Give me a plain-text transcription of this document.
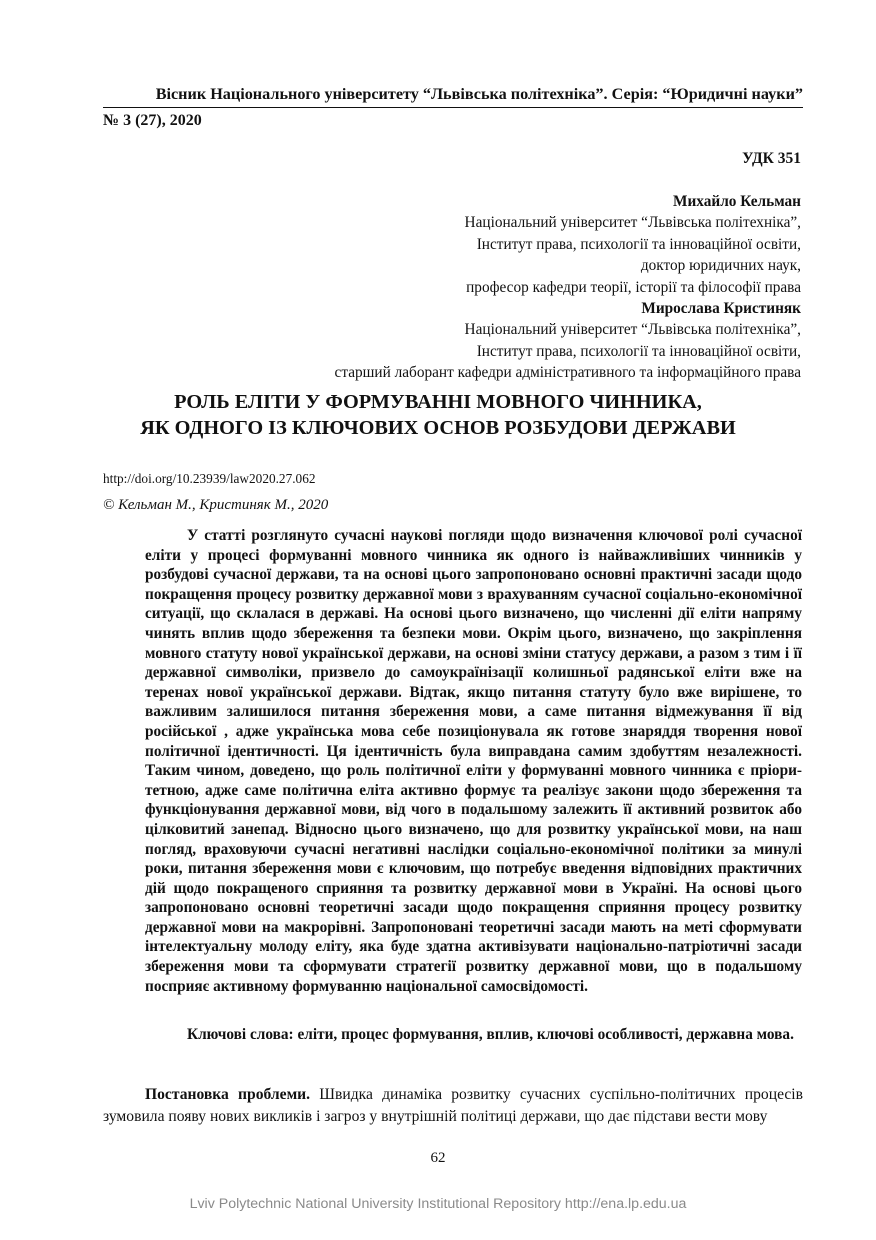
Вісник Національного університету “Львівська політехніка”. Серія: “Юридичні науки”
№ 3 (27), 2020
УДК 351
Михайло Кельман
Національний університет “Львівська політехніка”,
Інститут права, психології та інноваційної освіти,
доктор юридичних наук,
професор кафедри теорії, історії та філософії права
Мирослава Кристиняк
Національний університет “Львівська політехніка”,
Інститут права, психології та інноваційної освіти,
старший лаборант кафедри адміністративного та інформаційного права
РОЛЬ ЕЛІТИ У ФОРМУВАННІ МОВНОГО ЧИННИКА,
ЯК ОДНОГО ІЗ КЛЮЧОВИХ ОСНОВ РОЗБУДОВИ ДЕРЖАВИ
http://doi.org/10.23939/law2020.27.062
© Кельман М., Кристиняк М., 2020

У статті розглянуто сучасні наукові погляди щодо визначення ключової ролі сучасної еліти у процесі формуванні мовного чинника як одного із найважливіших чинників у розбудові сучасної держави, та на основі цього запропоновано основні практичні засади щодо покращення процесу розвитку державної мови з врахуванням сучасної соціально-економічної ситуації, що склалася в державі. На основі цього визначено, що численні дії еліти напряму чинять вплив щодо збереження та безпеки мови. Окрім цього, визначено, що закріплення мовного статуту нової української держави, на основі зміни статусу держави, а разом з тим і її державної символіки, призвело до самоукраїнізації колишньої радянської еліти вже на теренах нової української держави. Відтак, якщо питання статуту було вже вирішене, то важливим залишилося питання збереження мови, а саме питання відмежування її від російської , адже українська мова себе позиціонувала як готове знаряддя творення нової політичної ідентичності. Ця ідентичність була виправдана самим здобуттям незалежності. Таким чином, доведено, що роль політичної еліти у формуванні мовного чинника є пріори-тетною, адже саме політична еліта активно формує та реалізує закони щодо збереження та функціонування державної мови, від чого в подальшому залежить її активний розвиток або цілковитий занепад. Відносно цього визначено, що для розвитку української мови, на наш погляд, враховуючи сучасні негативні наслідки соціально-економічної політики за минулі роки, питання збереження мови є ключовим, що потребує введення відповідних практичних дій щодо покращеного сприяння та розвитку державної мови в Україні. На основі цього запропоновано основні теоретичні засади щодо покращення сприяння процесу розвитку державної мови на макрорівні. Запропоновані теоретичні засади мають на меті сформувати інтелектуальну молоду еліту, яка буде здатна активізувати національно-патріотичні засади збереження мови та сформувати стратегії розвитку державної мови, що в подальшому посприяє активному формуванню національної самосвідомості.

Ключові слова: еліти, процес формування, вплив, ключові особливості, державна мова.

Постановка проблеми. Швидка динаміка розвитку сучасних суспільно-політичних процесів зумовила появу нових викликів і загроз у внутрішній політиці держави, що дає підстави вести мову

62
Lviv Polytechnic National University Institutional Repository http://ena.lp.edu.ua
